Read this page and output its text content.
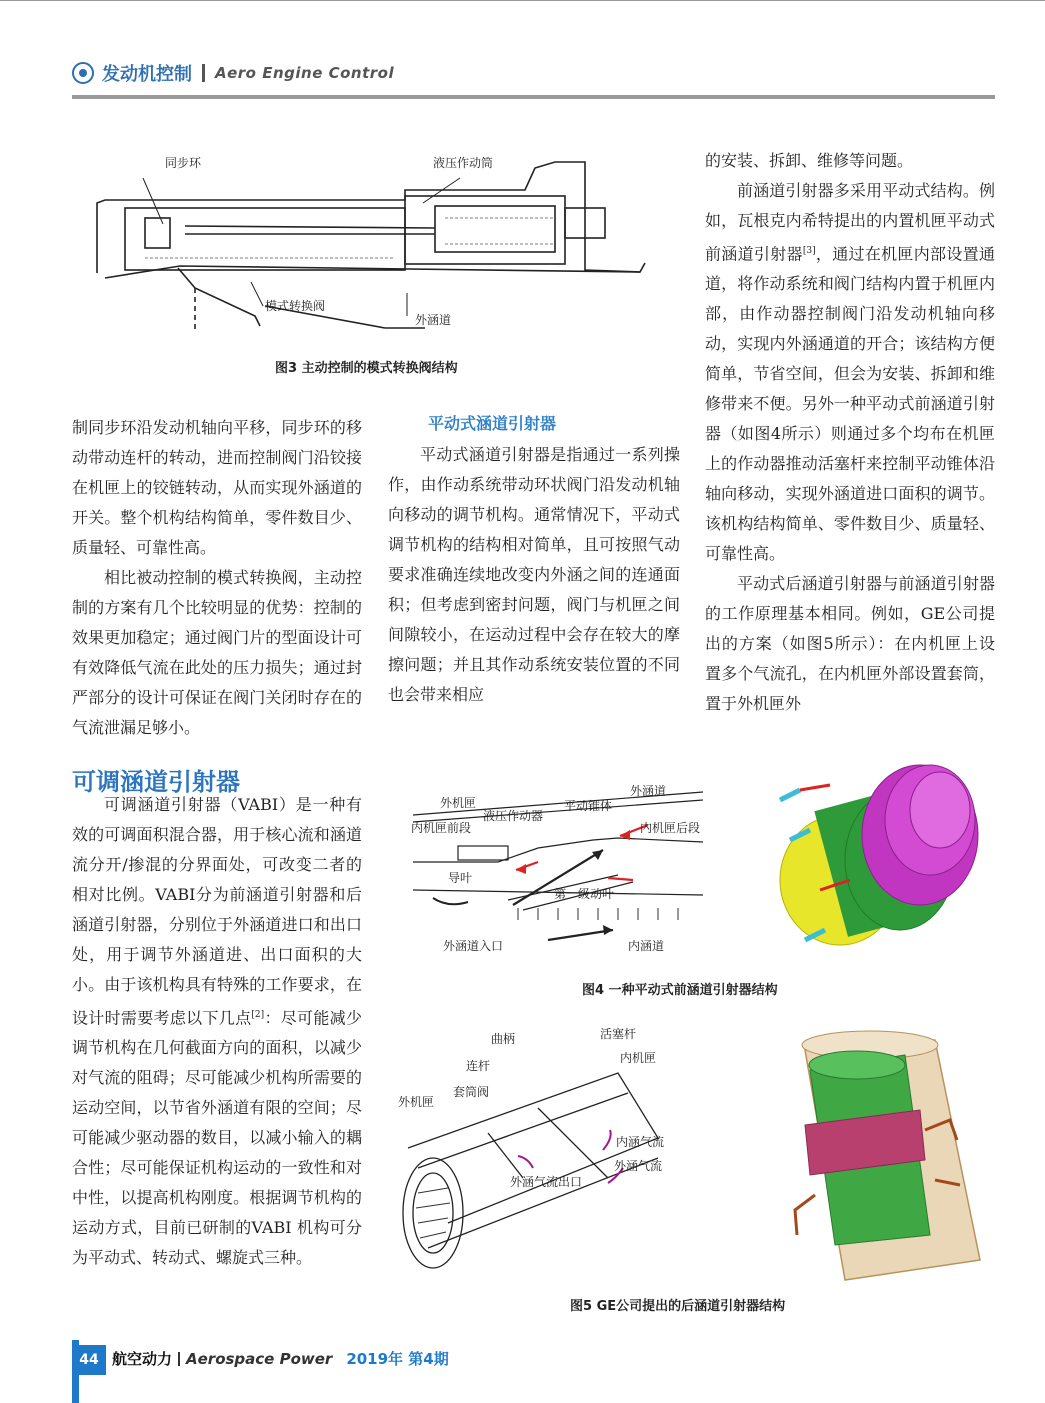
发动机控制 Aero Engine Control
同步环	液压作动筒
模式转换阀
外涵道
图3 主动控制的模式转换阀结构

的安装、拆卸、维修等问题。

前涵道引射器多采用平动式结构。例如，瓦根克内希特提出的内置机匣平动式前涵道引射器[3]，通过在机匣内部设置通道，将作动系统和阀门结构内置于机匣内部，由作动器控制阀门沿发动机轴向移动，实现内外涵通道的开合；该结构方便简单，节省空间，但会为安装、拆卸和维修带来不便。另外一种平动式前涵道引射器（如图4所示）则通过多个均布在机匣上的作动器推动活塞杆来控制平动锥体沿轴向移动，实现外涵道进口面积的调节。该机构结构简单、零件数目少、质量轻、可靠性高。

平动式后涵道引射器与前涵道引射器的工作原理基本相同。例如，GE公司提出的方案（如图5所示）：在内机匣上设置多个气流孔，在内机匣外部设置套筒，置于外机匣外

制同步环沿发动机轴向平移，同步环的移动带动连杆的转动，进而控制阀门沿铰接在机匣上的铰链转动，从而实现外涵道的开关。整个机构结构简单，零件数目少、质量轻、可靠性高。

相比被动控制的模式转换阀，主动控制的方案有几个比较明显的优势：控制的效果更加稳定；通过阀门片的型面设计可有效降低气流在此处的压力损失；通过封严部分的设计可保证在阀门关闭时存在的气流泄漏足够小。

平动式涵道引射器

平动式涵道引射器是指通过一系列操作，由作动系统带动环状阀门沿发动机轴向移动的调节机构。通常情况下，平动式调节机构的结构相对简单，且可按照气动要求准确连续地改变内外涵之间的连通面积；但考虑到密封问题，阀门与机匣之间间隙较小，在运动过程中会存在较大的摩擦问题；并且其作动系统安装位置的不同也会带来相应

可调涵道引射器

可调涵道引射器（VABI）是一种有效的可调面积混合器，用于核心流和涵道流分开/掺混的分界面处，可改变二者的相对比例。VABI分为前涵道引射器和后涵道引射器，分别位于外涵道进口和出口处，用于调节外涵道进、出口面积的大小。由于该机构具有特殊的工作要求，在设计时需要考虑以下几点[2]：尽可能减少调节机构在几何截面方向的面积，以减少对气流的阻碍；尽可能减少机构所需要的运动空间，以节省外涵道有限的空间；尽可能减少驱动器的数目，以减小输入的耦合性；尽可能保证机构运动的一致性和对中性，以提高机构刚度。根据调节机构的运动方式，目前已研制的VABI 机构可分为平动式、转动式、螺旋式三种。

外机匣
外涵道
液压作动器
平动锥体
内机匣前段	内机匣后段
导叶
第一级动叶
外涵道入口	内涵道
图4 一种平动式前涵道引射器结构
曲柄	活塞杆
连杆
内机匣
套筒阀
外机匣
内涵气流
外涵气流
外涵气流出口
图5 GE公司提出的后涵道引射器结构
44 航空动力 Aerospace Power 2019年 第4期
